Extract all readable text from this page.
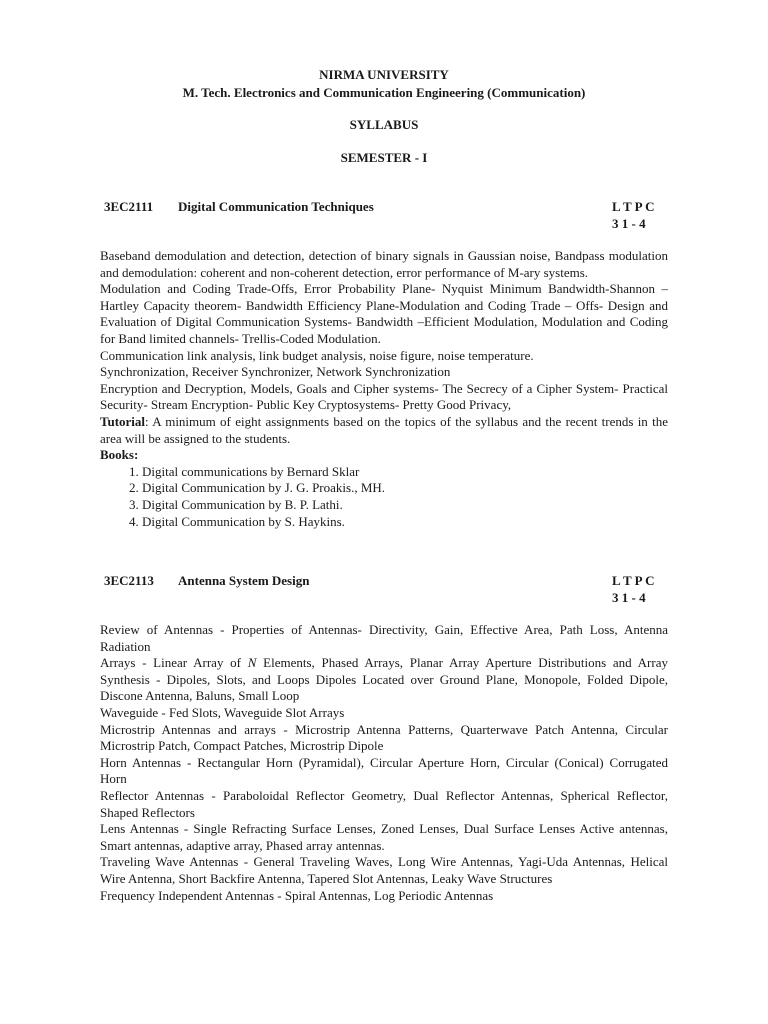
NIRMA UNIVERSITY
M. Tech. Electronics and Communication Engineering (Communication)
SYLLABUS
SEMESTER - I
3EC2111 Digital Communication Techniques	L T P C
3 1 - 4

Baseband demodulation and detection, detection of binary signals in Gaussian noise, Bandpass modulation and demodulation: coherent and non-coherent detection, error performance of M-ary systems.

Modulation and Coding Trade-Offs, Error Probability Plane- Nyquist Minimum Bandwidth-Shannon –Hartley Capacity theorem- Bandwidth Efficiency Plane-Modulation and Coding Trade – Offs- Design and Evaluation of Digital Communication Systems- Bandwidth –Efficient Modulation, Modulation and Coding for Band limited channels- Trellis-Coded Modulation.

Communication link analysis, link budget analysis, noise figure, noise temperature.

Synchronization, Receiver Synchronizer, Network Synchronization

Encryption and Decryption, Models, Goals and Cipher systems- The Secrecy of a Cipher System- Practical Security- Stream Encryption- Public Key Cryptosystems- Pretty Good Privacy,

Tutorial: A minimum of eight assignments based on the topics of the syllabus and the recent trends in the area will be assigned to the students.

Books:

1. Digital communications by Bernard Sklar
2. Digital Communication by J. G. Proakis., MH.
3. Digital Communication by B. P. Lathi.
4. Digital Communication by S. Haykins.
3EC2113 Antenna System Design	L T P C
3 1 - 4

Review of Antennas - Properties of Antennas- Directivity, Gain, Effective Area, Path Loss, Antenna Radiation

Arrays - Linear Array of N Elements, Phased Arrays, Planar Array Aperture Distributions and Array Synthesis - Dipoles, Slots, and Loops Dipoles Located over Ground Plane, Monopole, Folded Dipole, Discone Antenna, Baluns, Small Loop

Waveguide - Fed Slots, Waveguide Slot Arrays

Microstrip Antennas and arrays - Microstrip Antenna Patterns, Quarterwave Patch Antenna, Circular Microstrip Patch, Compact Patches, Microstrip Dipole

Horn Antennas - Rectangular Horn (Pyramidal), Circular Aperture Horn, Circular (Conical) Corrugated Horn

Reflector Antennas - Paraboloidal Reflector Geometry, Dual Reflector Antennas, Spherical Reflector, Shaped Reflectors

Lens Antennas - Single Refracting Surface Lenses, Zoned Lenses, Dual Surface Lenses Active antennas, Smart antennas, adaptive array, Phased array antennas.

Traveling Wave Antennas - General Traveling Waves, Long Wire Antennas, Yagi-Uda Antennas, Helical Wire Antenna, Short Backfire Antenna, Tapered Slot Antennas, Leaky Wave Structures

Frequency Independent Antennas - Spiral Antennas, Log Periodic Antennas
